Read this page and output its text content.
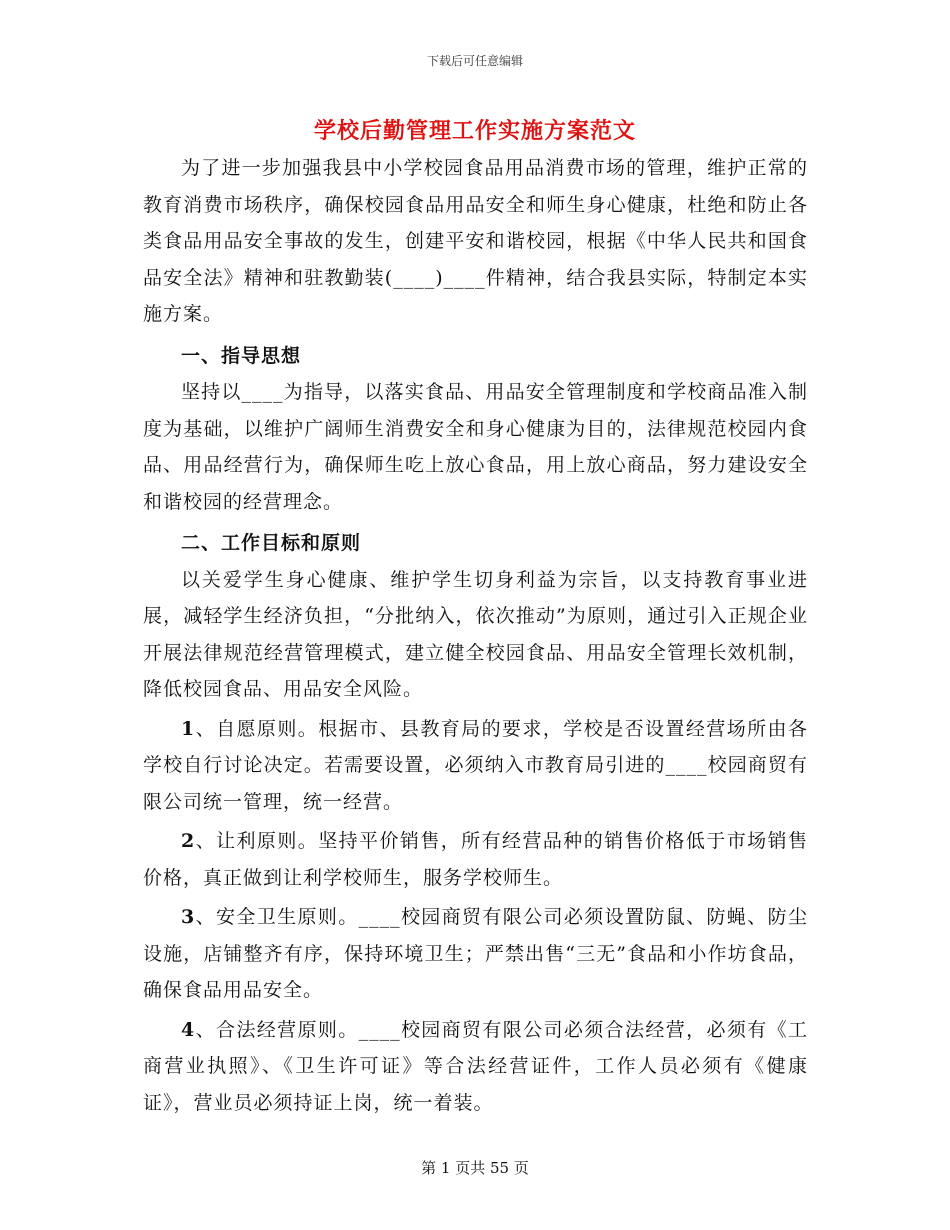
下载后可任意编辑
学校后勤管理工作实施方案范文

为了进一步加强我县中小学校园食品用品消费市场的管理，维护正常的教育消费市场秩序，确保校园食品用品安全和师生身心健康，杜绝和防止各类食品用品安全事故的发生，创建平安和谐校园，根据《中华人民共和国食品安全法》精神和驻教勤装(____)____件精神，结合我县实际，特制定本实施方案。

一、指导思想

坚持以____为指导，以落实食品、用品安全管理制度和学校商品准入制度为基础，以维护广阔师生消费安全和身心健康为目的，法律规范校园内食品、用品经营行为，确保师生吃上放心食品，用上放心商品，努力建设安全和谐校园的经营理念。

二、工作目标和原则

以关爱学生身心健康、维护学生切身利益为宗旨，以支持教育事业进展，减轻学生经济负担，“分批纳入，依次推动”为原则，通过引入正规企业开展法律规范经营管理模式，建立健全校园食品、用品安全管理长效机制，降低校园食品、用品安全风险。

1、自愿原则。根据市、县教育局的要求，学校是否设置经营场所由各学校自行讨论决定。若需要设置，必须纳入市教育局引进的____校园商贸有限公司统一管理，统一经营。

2、让利原则。坚持平价销售，所有经营品种的销售价格低于市场销售价格，真正做到让利学校师生，服务学校师生。

3、安全卫生原则。____校园商贸有限公司必须设置防鼠、防蝇、防尘设施，店铺整齐有序，保持环境卫生；严禁出售“三无”食品和小作坊食品，确保食品用品安全。

4、合法经营原则。____校园商贸有限公司必须合法经营，必须有《工商营业执照》、《卫生许可证》等合法经营证件，工作人员必须有《健康证》，营业员必须持证上岗，统一着装。

第 1 页共 55 页
